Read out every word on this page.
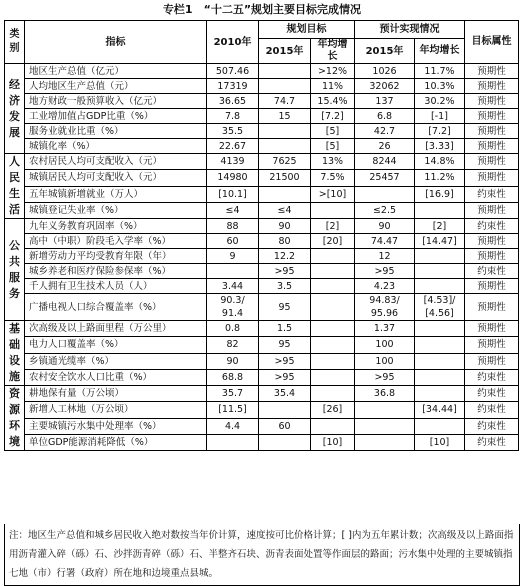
专栏1　“十二五”规划主要目标完成情况
类别	指标	2010年	规划目标		预计实现情况		目标属性
			2015年	年均增长	2015年	年均增长	
经济发展	地区生产总值（亿元）	507.46		>12%	1026	11.7%	预期性
	人均地区生产总值（元）	17319		11%	32062	10.3%	预期性
	地方财政一般预算收入（亿元）	36.65	74.7	15.4%	137	30.2%	预期性
	工业增加值占GDP比重（%）	7.8	15	[7.2]	6.8	[-1]	预期性
	服务业就业比重（%）	35.5		[5]	42.7	[7.2]	预期性
	城镇化率（%）	22.67		[5]	26	[3.33]	预期性
人民生活	农村居民人均可支配收入（元）	4139	7625	13%	8244	14.8%	预期性
	城镇居民人均可支配收入（元）	14980	21500	7.5%	25457	11.2%	预期性
	五年城镇新增就业（万人）	[10.1]		>[10]		[16.9]	约束性
	城镇登记失业率（%）	≤4	≤4		≤2.5		预期性
公共服务	九年义务教育巩固率（%）	88	90	[2]	90	[2]	约束性
	高中（中职）阶段毛入学率（%）	60	80	[20]	74.47	[14.47]	预期性
	新增劳动力平均受教育年限（年）	9	12.2		12		预期性
	城乡养老和医疗保险参保率（%）		>95		>95		约束性
	千人拥有卫生技术人员（人）	3.44	3.5		4.23		预期性
	广播电视人口综合覆盖率（%）	90.3/
91.4	95		94.83/
95.96	[4.53]/
[4.56]	预期性
基础设施	次高级及以上路面里程（万公里）	0.8	1.5		1.37		预期性
	电力人口覆盖率（%）	82	95		100		预期性
	乡镇通光缆率（%）	90	>95		100		预期性
	农村安全饮水人口比重（%）	68.8	>95		>95		约束性
资源环境	耕地保有量（万公顷）	35.7	35.4		36.8		约束性
	新增人工林地（万公顷）	[11.5]		[26]		[34.44]	约束性
	主要城镇污水集中处理率（%）	4.4	60				约束性
	单位GDP能源消耗降低（%）			[10]		[10]	约束性
注：地区生产总值和城乡居民收入绝对数按当年价计算，速度按可比价格计算；[ ]内为五年累计数；次高级及以上路面指用沥青灌入碎（砾）石、沙拌沥青碎（砾）石、半整齐石块、沥青表面处置等作面层的路面；污水集中处理的主要城镇指七地（市）行署（政府）所在地和边境重点县城。
